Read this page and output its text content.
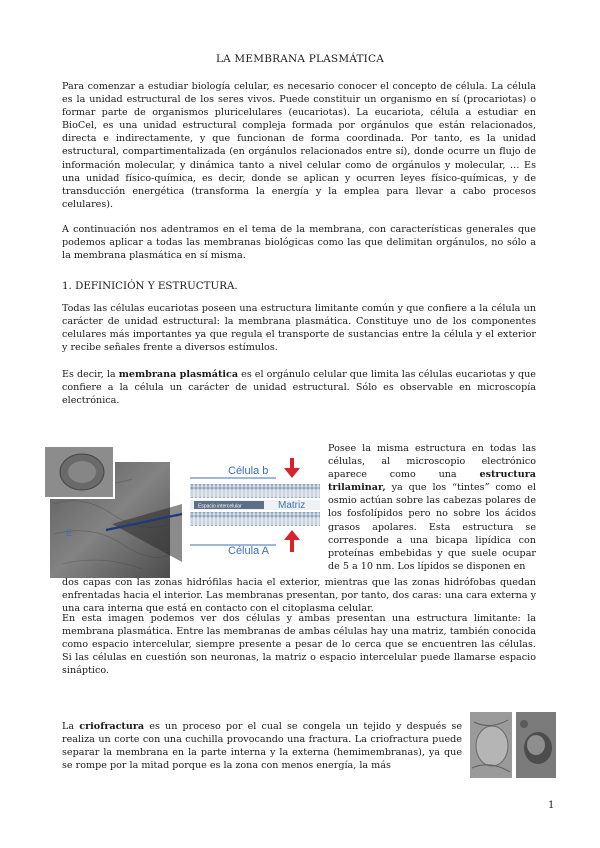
LA MEMBRANA PLASMÁTICA

Para comenzar a estudiar biología celular, es necesario conocer el concepto de célula. La célula es la unidad estructural de los seres vivos. Puede constituir un organismo en sí (procariotas) o formar parte de organismos pluricelulares (eucariotas). La eucariota, célula a estudiar en BioCel, es una unidad estructural compleja formada por orgánulos que están relacionados, directa e indirectamente, y que funcionan de forma coordinada. Por tanto, es la unidad estructural, compartimentalizada (en orgánulos relacionados entre sí), donde ocurre un flujo de información molecular, y dinámica tanto a nivel celular como de orgánulos y molecular, … Es una unidad físico-química, es decir, donde se aplican y ocurren leyes físico-químicas, y de transducción energética (transforma la energía y la emplea para llevar a cabo procesos celulares).

A continuación nos adentramos en el tema de la membrana, con características generales que podemos aplicar a todas las membranas biológicas como las que delimitan orgánulos, no sólo a la membrana plasmática en sí misma.

1. DEFINICIÓN Y ESTRUCTURA.

Todas las células eucariotas poseen una estructura limitante común y que confiere a la célula un carácter de unidad estructural: la membrana plasmática. Constituye uno de los componentes celulares más importantes ya que regula el transporte de sustancias entre la célula y el exterior y recibe señales frente a diversos estímulos.

Es decir, la membrana plasmática es el orgánulo celular que limita las células eucariotas y que confiere a la célula un carácter de unidad estructural. Sólo es observable en microscopía electrónica.

E
Espacio intercelular	Matriz
Célula b
Célula A

Posee la misma estructura en todas las células, al microscopio electrónico aparece como una estructura trilaminar, ya que los “tintes” como el osmio actúan sobre las cabezas polares de los fosfolípidos pero no sobre los ácidos grasos apolares. Esta estructura se corresponde a una bicapa lipídica con proteínas embebidas y que suele ocupar de 5 a 10 nm. Los lípidos se disponen en

dos capas con las zonas hidrófilas hacia el exterior, mientras que las zonas hidrófobas quedan enfrentadas hacia el interior. Las membranas presentan, por tanto, dos caras: una cara externa y una cara interna que está en contacto con el citoplasma celular.

En esta imagen podemos ver dos células y ambas presentan una estructura limitante: la membrana plasmática. Entre las membranas de ambas células hay una matriz, también conocida como espacio intercelular, siempre presente a pesar de lo cerca que se encuentren las células. Si las células en cuestión son neuronas, la matriz o espacio intercelular puede llamarse espacio sináptico.

La criofractura es un proceso por el cual se congela un tejido y después se realiza un corte con una cuchilla provocando una fractura. La criofractura puede separar la membrana en la parte interna y la externa (hemimembranas), ya que se rompe por la mitad porque es la zona con menos energía, la más

1
